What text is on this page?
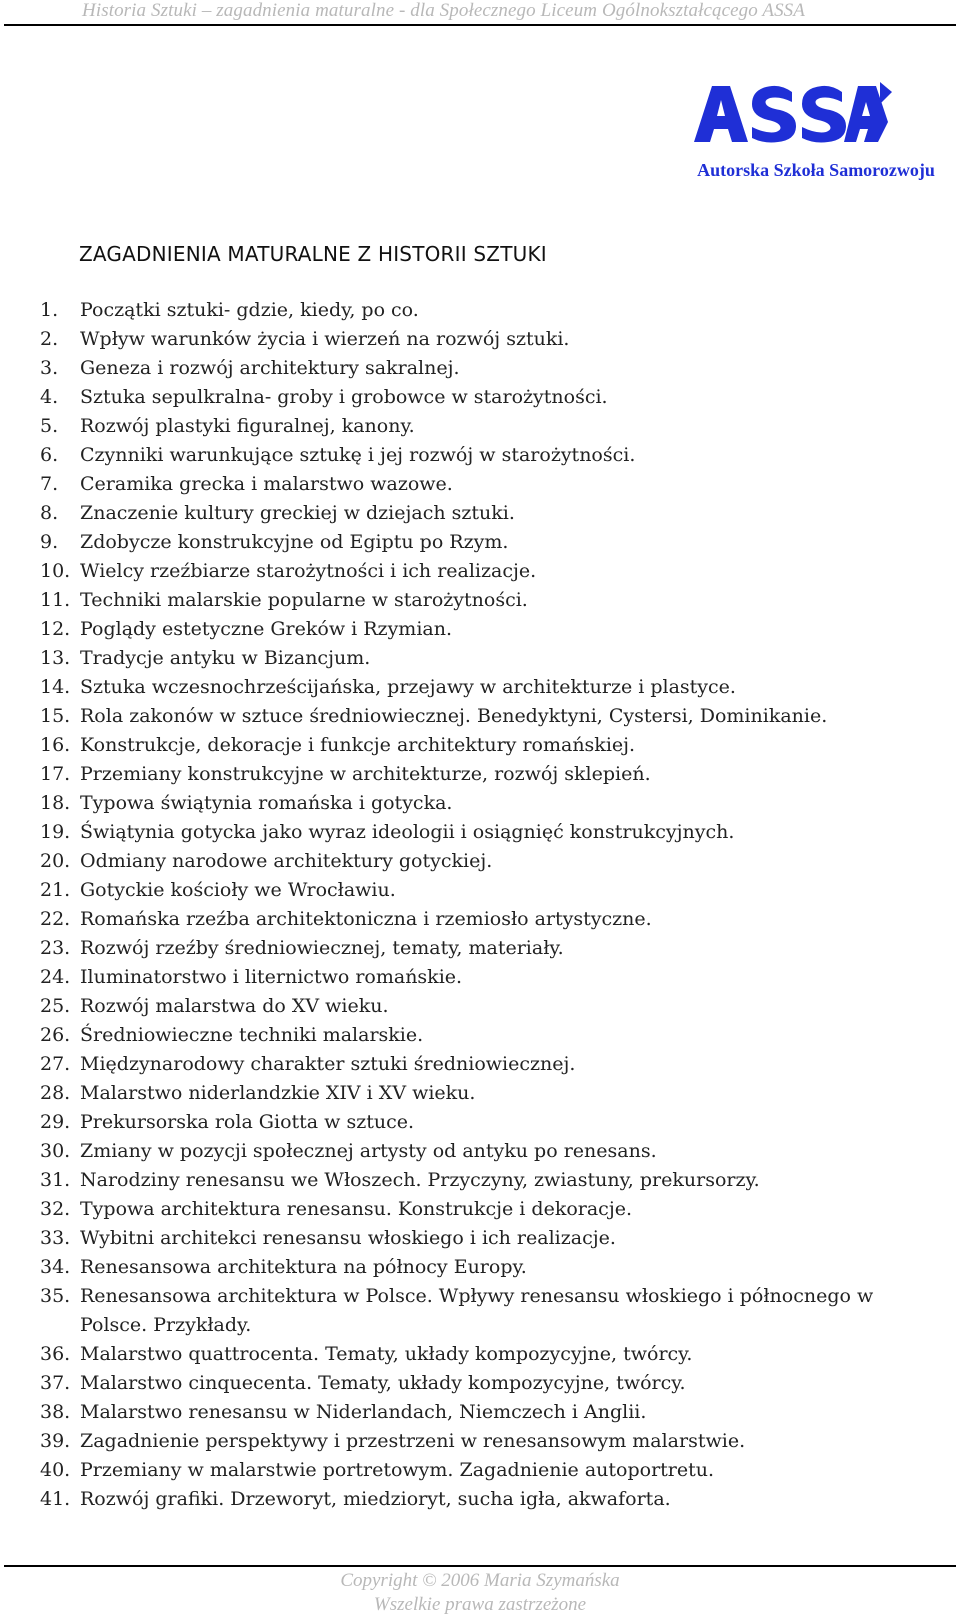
Historia Sztuki – zagadnienia maturalne - dla Społecznego Liceum Ogólnokształcącego ASSA
Autorska Szkoła Samorozwoju
ZAGADNIENIA MATURALNE Z HISTORII SZTUKI
1. Początki sztuki- gdzie, kiedy, po co.
2. Wpływ warunków życia i wierzeń na rozwój sztuki.
3. Geneza i rozwój architektury sakralnej.
4. Sztuka sepulkralna- groby i grobowce w starożytności.
5. Rozwój plastyki figuralnej, kanony.
6. Czynniki warunkujące sztukę i jej rozwój w starożytności.
7. Ceramika grecka i malarstwo wazowe.
8. Znaczenie kultury greckiej w dziejach sztuki.
9. Zdobycze konstrukcyjne od Egiptu po Rzym.
10. Wielcy rzeźbiarze starożytności i ich realizacje.
11. Techniki malarskie popularne w starożytności.
12. Poglądy estetyczne Greków i Rzymian.
13. Tradycje antyku w Bizancjum.
14. Sztuka wczesnochrześcijańska, przejawy w architekturze i plastyce.
15. Rola zakonów w sztuce średniowiecznej. Benedyktyni, Cystersi, Dominikanie.
16. Konstrukcje, dekoracje i funkcje architektury romańskiej.
17. Przemiany konstrukcyjne w architekturze, rozwój sklepień.
18. Typowa świątynia romańska i gotycka.
19. Świątynia gotycka jako wyraz ideologii i osiągnięć konstrukcyjnych.
20. Odmiany narodowe architektury gotyckiej.
21. Gotyckie kościoły we Wrocławiu.
22. Romańska rzeźba architektoniczna i rzemiosło artystyczne.
23. Rozwój rzeźby średniowiecznej, tematy, materiały.
24. Iluminatorstwo i liternictwo romańskie.
25. Rozwój malarstwa do XV wieku.
26. Średniowieczne techniki malarskie.
27. Międzynarodowy charakter sztuki średniowiecznej.
28. Malarstwo niderlandzkie XIV i XV wieku.
29. Prekursorska rola Giotta w sztuce.
30. Zmiany w pozycji społecznej artysty od antyku po renesans.
31. Narodziny renesansu we Włoszech. Przyczyny, zwiastuny, prekursorzy.
32. Typowa architektura renesansu. Konstrukcje i dekoracje.
33. Wybitni architekci renesansu włoskiego i ich realizacje.
34. Renesansowa architektura na północy Europy.
35. Renesansowa architektura w Polsce. Wpływy renesansu włoskiego i północnego w Polsce. Przykłady.
36. Malarstwo quattrocenta. Tematy, układy kompozycyjne, twórcy.
37. Malarstwo cinquecenta. Tematy, układy kompozycyjne, twórcy.
38. Malarstwo renesansu w Niderlandach, Niemczech i Anglii.
39. Zagadnienie perspektywy i przestrzeni w renesansowym malarstwie.
40. Przemiany w malarstwie portretowym. Zagadnienie autoportretu.
41. Rozwój grafiki. Drzeworyt, miedzioryt, sucha igła, akwaforta.
Copyright © 2006 Maria Szymańska
Wszelkie prawa zastrzeżone
